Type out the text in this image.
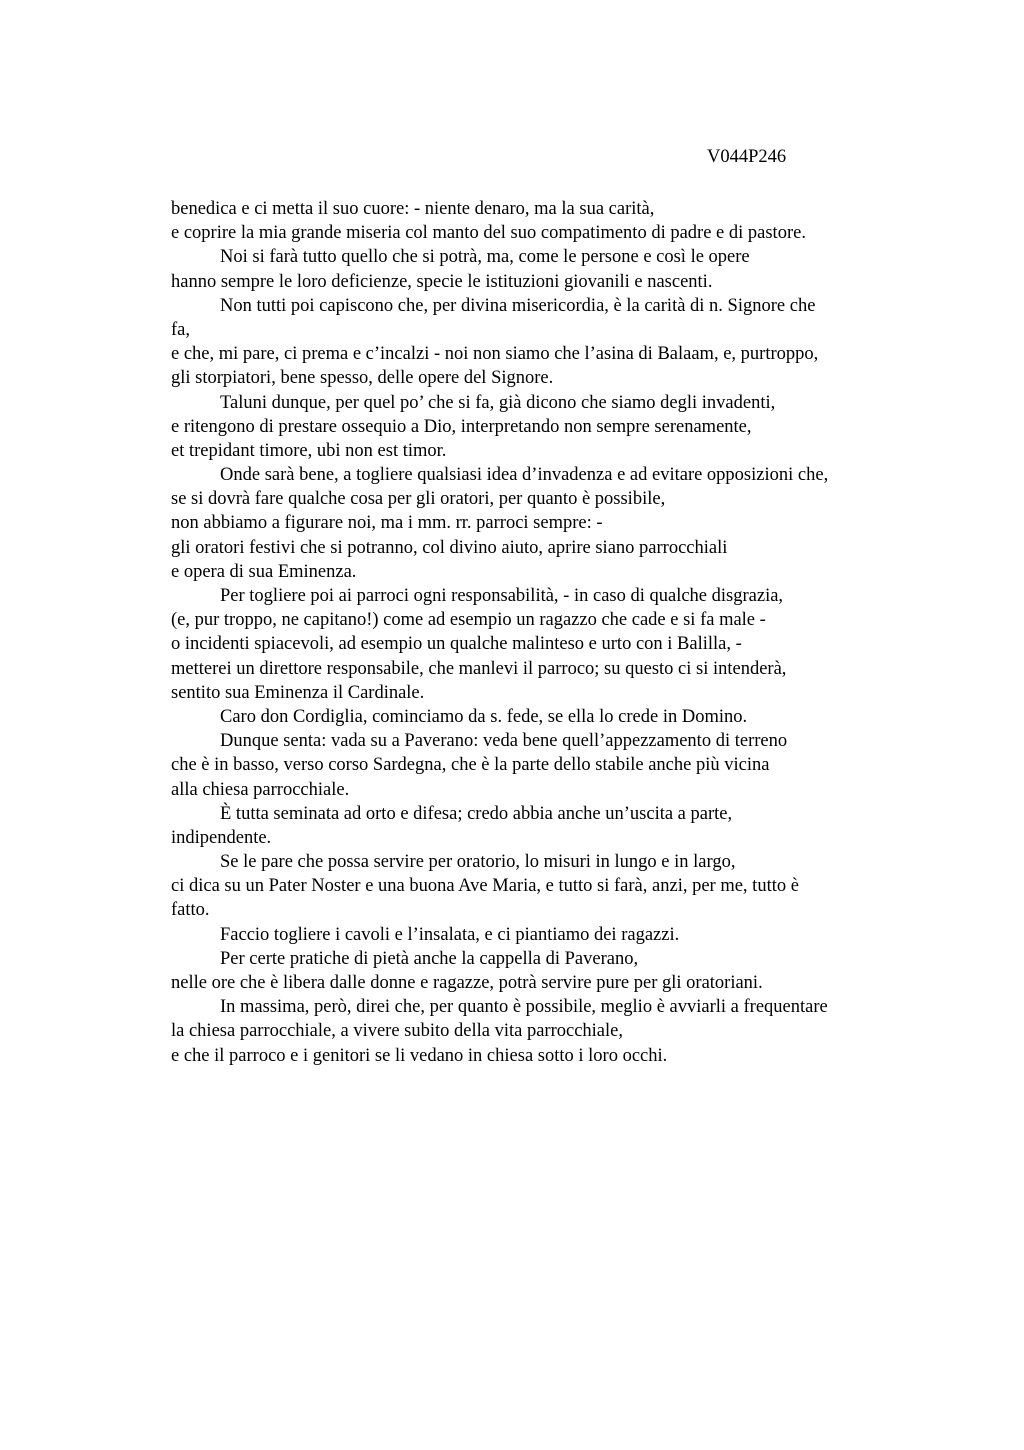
V044P246
benedica e ci metta il suo cuore: - niente denaro, ma la sua carità,
e coprire la mia grande miseria col manto del suo compatimento di padre e di pastore.
Noi si farà tutto quello che si potrà, ma, come le persone e così le opere
hanno sempre le loro deficienze, specie le istituzioni giovanili e nascenti.
Non tutti poi capiscono che, per divina misericordia, è la carità di n. Signore che
fa,
e che, mi pare, ci prema e c’incalzi - noi non siamo che l’asina di Balaam, e, purtroppo,
gli storpiatori, bene spesso, delle opere del Signore.
Taluni dunque, per quel po’ che si fa, già dicono che siamo degli invadenti,
e ritengono di prestare ossequio a Dio, interpretando non sempre serenamente,
et trepidant timore, ubi non est timor.
Onde sarà bene, a togliere qualsiasi idea d’invadenza e ad evitare opposizioni che,
se si dovrà fare qualche cosa per gli oratori, per quanto è possibile,
non abbiamo a figurare noi, ma i mm. rr. parroci sempre: -
gli oratori festivi che si potranno, col divino aiuto, aprire siano parrocchiali
e opera di sua Eminenza.
Per togliere poi ai parroci ogni responsabilità, - in caso di qualche disgrazia,
(e, pur troppo, ne capitano!) come ad esempio un ragazzo che cade e si fa male -
o incidenti spiacevoli, ad esempio un qualche malinteso e urto con i Balilla, -
metterei un direttore responsabile, che manlevi il parroco; su questo ci si intenderà,
sentito sua Eminenza il Cardinale.
Caro don Cordiglia, cominciamo da s. fede, se ella lo crede in Domino.
Dunque senta: vada su a Paverano: veda bene quell’appezzamento di terreno
che è in basso, verso corso Sardegna, che è la parte dello stabile anche più vicina
alla chiesa parrocchiale.
È tutta seminata ad orto e difesa; credo abbia anche un’uscita a parte,
indipendente.
Se le pare che possa servire per oratorio, lo misuri in lungo e in largo,
ci dica su un Pater Noster e una buona Ave Maria, e tutto si farà, anzi, per me, tutto è
fatto.
Faccio togliere i cavoli e l’insalata, e ci piantiamo dei ragazzi.
Per certe pratiche di pietà anche la cappella di Paverano,
nelle ore che è libera dalle donne e ragazze, potrà servire pure per gli oratoriani.
In massima, però, direi che, per quanto è possibile, meglio è avviarli a frequentare
la chiesa parrocchiale, a vivere subito della vita parrocchiale,
e che il parroco e i genitori se li vedano in chiesa sotto i loro occhi.
